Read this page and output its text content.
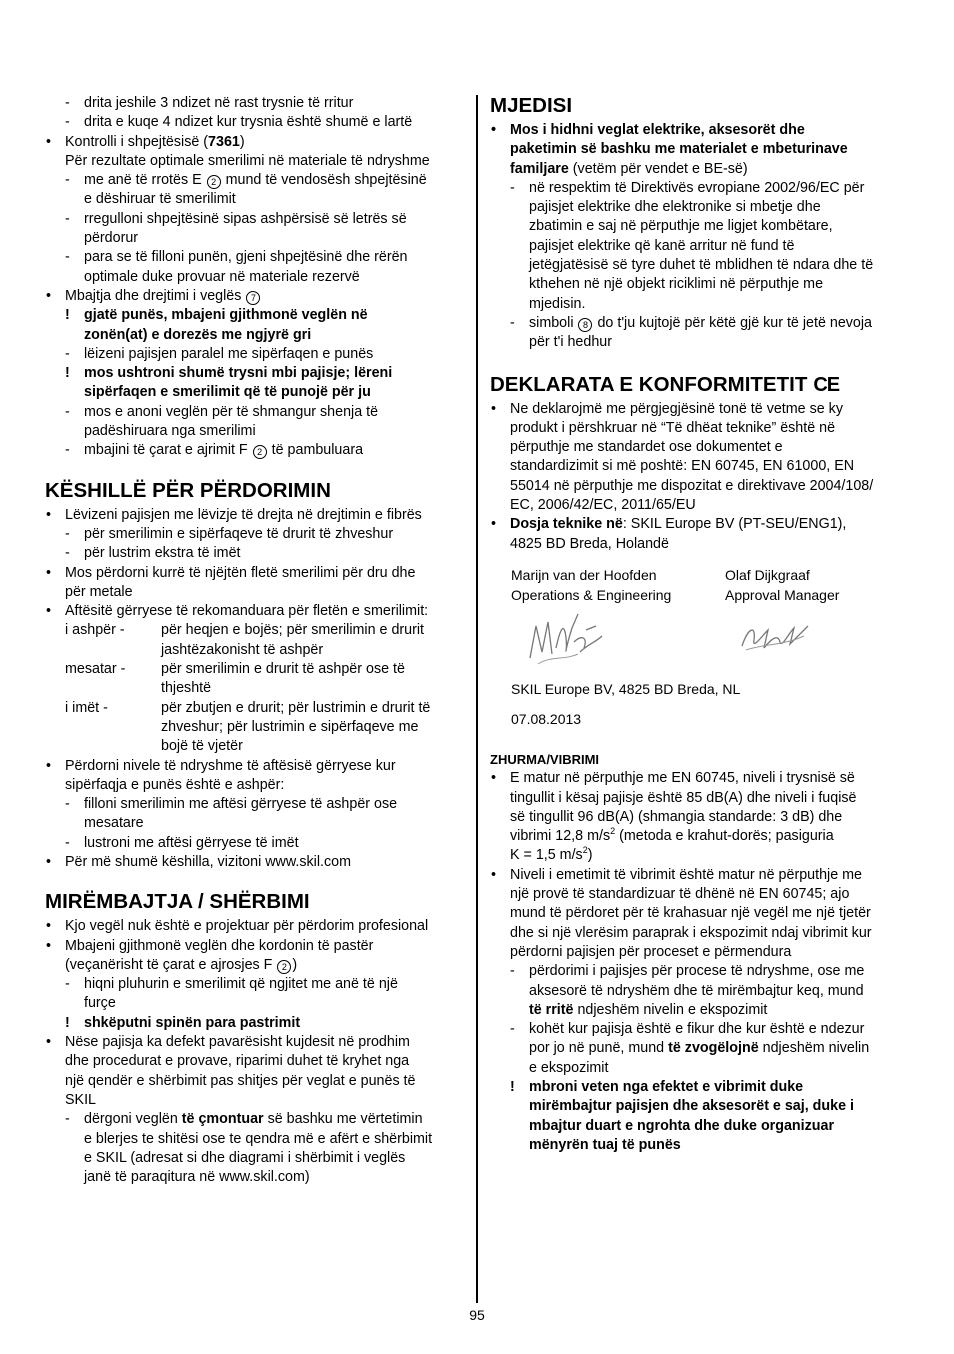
- drita jeshile 3 ndizet në rast trysnie të rritur
- drita e kuqe 4 ndizet kur trysnia është shumë e lartë
• Kontrolli i shpejtësisë (7361)
Për rezultate optimale smerilimi në materiale të ndryshme
- me anë të rrotës E 2 mund të vendosësh shpejtësinë
e dëshiruar të smerilimit
- rregulloni shpejtësinë sipas ashpërsisë së letrës së
përdorur
- para se të filloni punën, gjeni shpejtësinë dhe rërën
optimale duke provuar në materiale rezervë
• Mbajtja dhe drejtimi i veglës 7
! gjatë punës, mbajeni gjithmonë veglën në
zonën(at) e dorezës me ngjyrë gri
- lëizeni pajisjen paralel me sipërfaqen e punës
! mos ushtroni shumë trysni mbi pajisje; lëreni
sipërfaqen e smerilimit që të punojë për ju
- mos e anoni veglën për të shmangur shenja të
padëshiruara nga smerilimi
- mbajini të çarat e ajrimit F 2 të pambuluara
KËSHILLË PËR PËRDORIMIN
• Lëvizeni pajisjen me lëvizje të drejta në drejtimin e fibrës
- për smerilimin e sipërfaqeve të drurit të zhveshur
- për lustrim ekstra të imët
• Mos përdorni kurrë të njëjtën fletë smerilimi për dru dhe
për metale
• Aftësitë gërryese të rekomanduara për fletën e smerilimit:
i ashpër -	për heqjen e bojës; për smerilimin e drurit
jashtëzakonisht të ashpër
mesatar - për smerilimin e drurit të ashpër ose të
thjeshtë
i imët -	për zbutjen e drurit; për lustrimin e drurit të
zhveshur; për lustrimin e sipërfaqeve me
bojë të vjetër
• Përdorni nivele të ndryshme të aftësisë gërryese kur
sipërfaqja e punës është e ashpër:
- filloni smerilimin me aftësi gërryese të ashpër ose
mesatare
- lustroni me aftësi gërryese të imët
• Për më shumë këshilla, vizitoni www.skil.com
MIRËMBAJTJA / SHËRBIMI
• Kjo vegël nuk është e projektuar për përdorim profesional
• Mbajeni gjithmonë veglën dhe kordonin të pastër
(veçanërisht të çarat e ajrosjes F 2 )
- hiqni pluhurin e smerilimit që ngjitet me anë të një
furçe
! shkëputni spinën para pastrimit
• Nëse pajisja ka defekt pavarësisht kujdesit në prodhim
dhe procedurat e provave, riparimi duhet të kryhet nga
një qendër e shërbimit pas shitjes për veglat e punës të
SKIL
- dërgoni veglën të çmontuar së bashku me vërtetimin
e blerjes te shitësi ose te qendra më e afërt e shërbimit
e SKIL (adresat si dhe diagrami i shërbimit i veglës
janë të paraqitura në www.skil.com)
MJEDISI
• Mos i hidhni veglat elektrike, aksesorët dhe
paketimin së bashku me materialet e mbeturinave
familjare (vetëm për vendet e BE-së)
- në respektim të Direktivës evropiane 2002/96/EC për
pajisjet elektrike dhe elektronike si mbetje dhe
zbatimin e saj në përputhje me ligjet kombëtare,
pajisjet elektrike që kanë arritur në fund të
jetëgjatësisë së tyre duhet të mblidhen të ndara dhe të
kthehen në një objekt riciklimi në përputhje me
mjedisin.
- simboli 8 do t'ju kujtojë për këtë gjë kur të jetë nevoja
për t'i hedhur
DEKLARATA E KONFORMITETIT CE
• Ne deklarojmë me përgjegjësinë tonë të vetme se ky
produkt i përshkruar në “Të dhëat teknike” është në
përputhje me standardet ose dokumentet e
standardizimit si më poshtë: EN 60745, EN 61000, EN
55014 në përputhje me dispozitat e direktivave 2004/108/
EC, 2006/42/EC, 2011/65/EU
• Dosja teknike në: SKIL Europe BV (PT-SEU/ENG1),
4825 BD Breda, Holandë
Marijn van der Hoofden
Operations & Engineering
Olaf Dijkgraaf
Approval Manager
SKIL Europe BV, 4825 BD Breda, NL
07.08.2013
ZHURMA/VIBRIMI
• E matur në përputhje me EN 60745, niveli i trysnisë së
tingullit i kësaj pajisje është 85 dB(A) dhe niveli i fuqisë
së tingullit 96 dB(A) (shmangia standarde: 3 dB) dhe
vibrimi 12,8 $m/s^2$ (metoda e krahut-dorës; pasiguria
K = 1,5 $m/s^2$)
• Niveli i emetimit të vibrimit është matur në përputhje me
një provë të standardizuar të dhënë në EN 60745; ajo
mund të përdoret për të krahasuar një vegël me një tjetër
dhe si një vlerësim paraprak i ekspozimit ndaj vibrimit kur
përdorni pajisjen për proceset e përmendura
- përdorimi i pajisjes për procese të ndryshme, ose me
aksesorë të ndryshëm dhe të mirëmbajtur keq, mund
të rritë ndjeshëm nivelin e ekspozimit
- kohët kur pajisja është e fikur dhe kur është e ndezur
por jo në punë, mund të zvogëlojnë ndjeshëm nivelin
e ekspozimit
! mbroni veten nga efektet e vibrimit duke
mirëmbajtur pajisjen dhe aksesorët e saj, duke i
mbajtur duart e ngrohta dhe duke organizuar
mënyrën tuaj të punës
95
